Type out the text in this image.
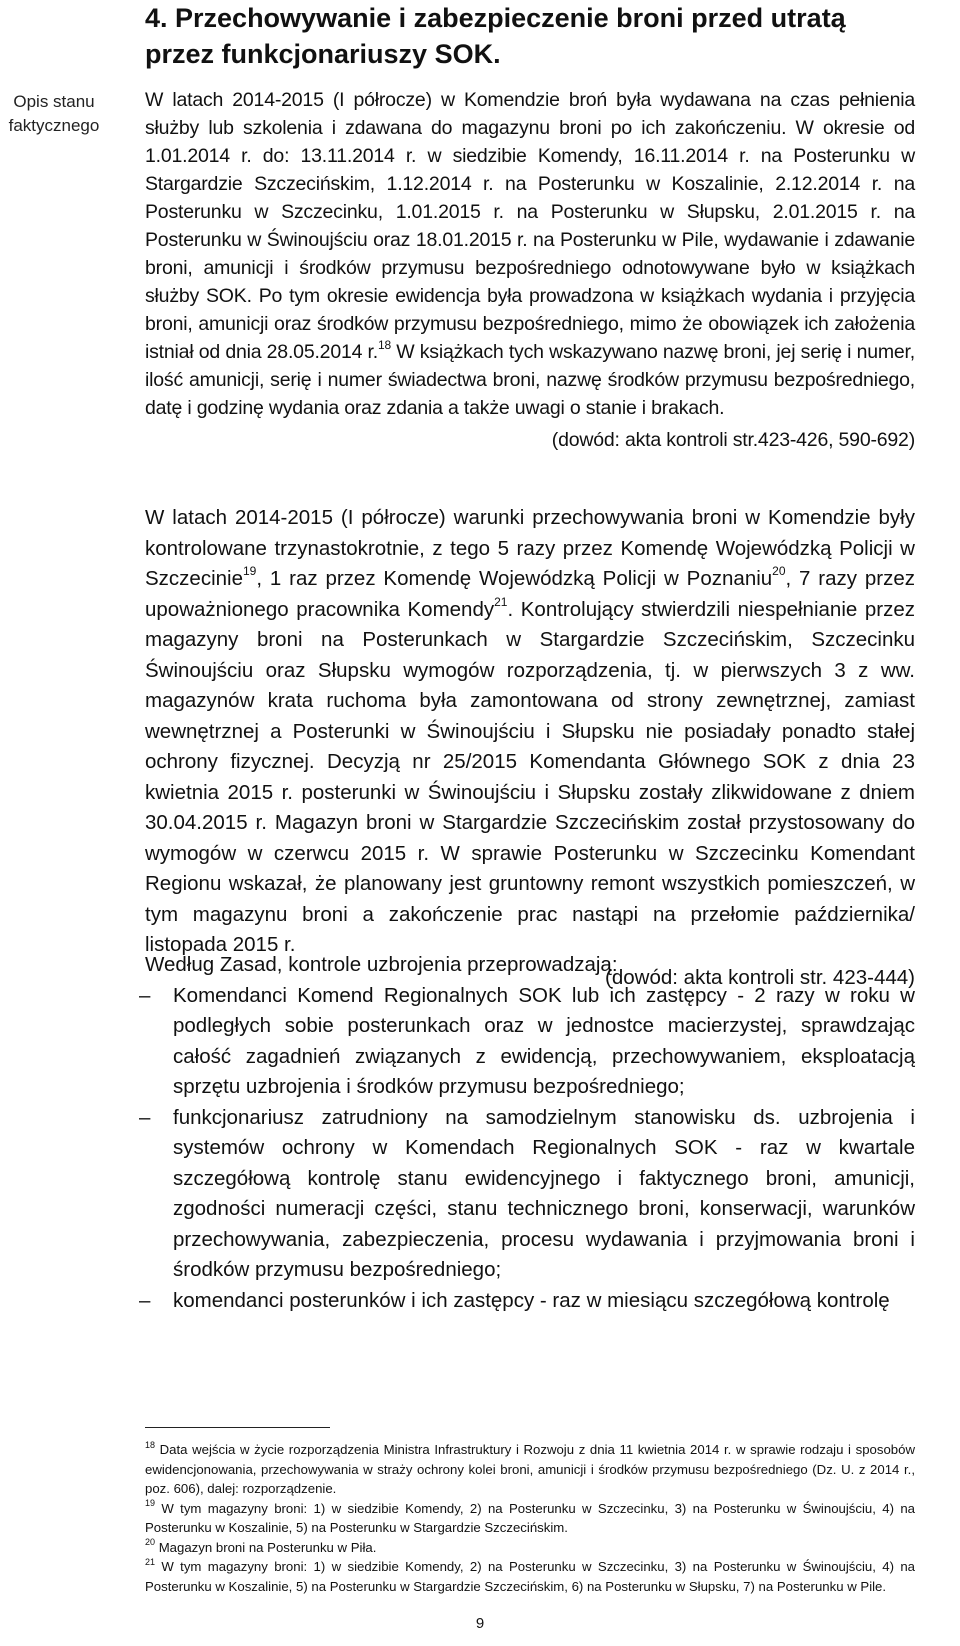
Opis stanu faktycznego
4. Przechowywanie i zabezpieczenie broni przed utratą przez funkcjonariuszy SOK.
W latach 2014-2015 (I półrocze) w Komendzie broń była wydawana na czas pełnienia służby lub szkolenia i zdawana do magazynu broni po ich zakończeniu. W okresie od 1.01.2014 r. do: 13.11.2014 r. w siedzibie Komendy, 16.11.2014 r. na Posterunku w Stargardzie Szczecińskim, 1.12.2014 r. na Posterunku w Koszalinie, 2.12.2014 r. na Posterunku w Szczecinku, 1.01.2015 r. na Posterunku w Słupsku, 2.01.2015 r. na Posterunku w Świnoujściu oraz 18.01.2015 r. na Posterunku w Pile, wydawanie i zdawanie broni, amunicji i środków przymusu bezpośredniego odnotowywane było w książkach służby SOK. Po tym okresie ewidencja była prowadzona w książkach wydania i przyjęcia broni, amunicji oraz środków przymusu bezpośredniego, mimo że obowiązek ich założenia istniał od dnia 28.05.2014 r.$^{18}$ W książkach tych wskazywano nazwę broni, jej serię i numer, ilość amunicji, serię i numer świadectwa broni, nazwę środków przymusu bezpośredniego, datę i godzinę wydania oraz zdania a także uwagi o stanie i brakach.
(dowód: akta kontroli str.423-426, 590-692)
W latach 2014-2015 (I półrocze) warunki przechowywania broni w Komendzie były kontrolowane trzynastokrotnie, z tego 5 razy przez Komendę Wojewódzką Policji w Szczecinie$^{19}$, 1 raz przez Komendę Wojewódzką Policji w Poznaniu$^{20}$, 7 razy przez upoważnionego pracownika Komendy$^{21}$. Kontrolujący stwierdzili niespełnianie przez magazyny broni na Posterunkach w Stargardzie Szczecińskim, Szczecinku Świnoujściu oraz Słupsku wymogów rozporządzenia, tj. w pierwszych 3 z ww. magazynów krata ruchoma była zamontowana od strony zewnętrznej, zamiast wewnętrznej a Posterunki w Świnoujściu i Słupsku nie posiadały ponadto stałej ochrony fizycznej. Decyzją nr 25/2015 Komendanta Głównego SOK z dnia 23 kwietnia 2015 r. posterunki w Świnoujściu i Słupsku zostały zlikwidowane z dniem 30.04.2015 r. Magazyn broni w Stargardzie Szczecińskim został przystosowany do wymogów w czerwcu 2015 r. W sprawie Posterunku w Szczecinku Komendant Regionu wskazał, że planowany jest gruntowny remont wszystkich pomieszczeń, w tym magazynu broni a zakończenie prac nastąpi na przełomie października/ listopada 2015 r.
(dowód: akta kontroli str. 423-444)
Według Zasad, kontrole uzbrojenia przeprowadzają:
– Komendanci Komend Regionalnych SOK lub ich zastępcy - 2 razy w roku w podległych sobie posterunkach oraz w jednostce macierzystej, sprawdzając całość zagadnień związanych z ewidencją, przechowywaniem, eksploatacją sprzętu uzbrojenia i środków przymusu bezpośredniego;
– funkcjonariusz zatrudniony na samodzielnym stanowisku ds. uzbrojenia i systemów ochrony w Komendach Regionalnych SOK - raz w kwartale szczegółową kontrolę stanu ewidencyjnego i faktycznego broni, amunicji, zgodności numeracji części, stanu technicznego broni, konserwacji, warunków przechowywania, zabezpieczenia, procesu wydawania i przyjmowania broni i środków przymusu bezpośredniego;
– komendanci posterunków i ich zastępcy - raz w miesiącu szczegółową kontrolę
$^{18}$ Data wejścia w życie rozporządzenia Ministra Infrastruktury i Rozwoju z dnia 11 kwietnia 2014 r. w sprawie rodzaju i sposobów ewidencjonowania, przechowywania w straży ochrony kolei broni, amunicji i środków przymusu bezpośredniego (Dz. U. z 2014 r., poz. 606), dalej: rozporządzenie.
$^{19}$ W tym magazyny broni: 1) w siedzibie Komendy, 2) na Posterunku w Szczecinku, 3) na Posterunku w Świnoujściu, 4) na Posterunku w Koszalinie, 5) na Posterunku w Stargardzie Szczecińskim.
$^{20}$ Magazyn broni na Posterunku w Piła.
$^{21}$ W tym magazyny broni: 1) w siedzibie Komendy, 2) na Posterunku w Szczecinku, 3) na Posterunku w Świnoujściu, 4) na Posterunku w Koszalinie, 5) na Posterunku w Stargardzie Szczecińskim, 6) na Posterunku w Słupsku, 7) na Posterunku w Pile.
9
